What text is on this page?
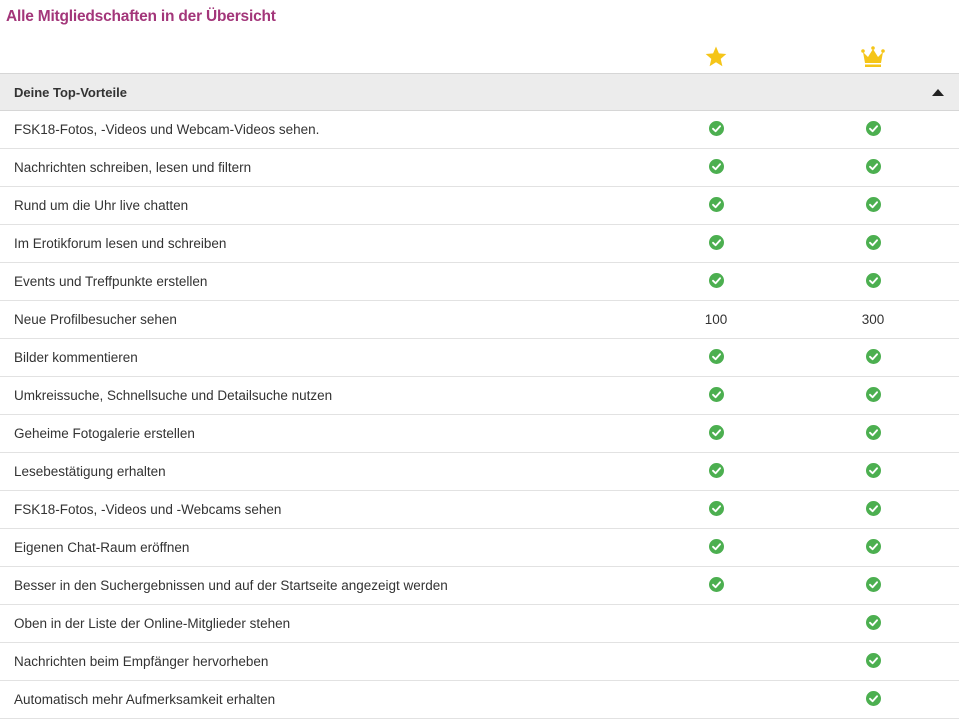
Alle Mitgliedschaften in der Übersicht
Deine Top-Vorteile
FSK18-Fotos, -Videos und Webcam-Videos sehen.
Nachrichten schreiben, lesen und filtern
Rund um die Uhr live chatten
Im Erotikforum lesen und schreiben
Events und Treffpunkte erstellen
Neue Profilbesucher sehen	100	300
Bilder kommentieren
Umkreissuche, Schnellsuche und Detailsuche nutzen
Geheime Fotogalerie erstellen
Lesebestätigung erhalten
FSK18-Fotos, -Videos und -Webcams sehen
Eigenen Chat-Raum eröffnen
Besser in den Suchergebnissen und auf der Startseite angezeigt werden
Oben in der Liste der Online-Mitglieder stehen
Nachrichten beim Empfänger hervorheben
Automatisch mehr Aufmerksamkeit erhalten
